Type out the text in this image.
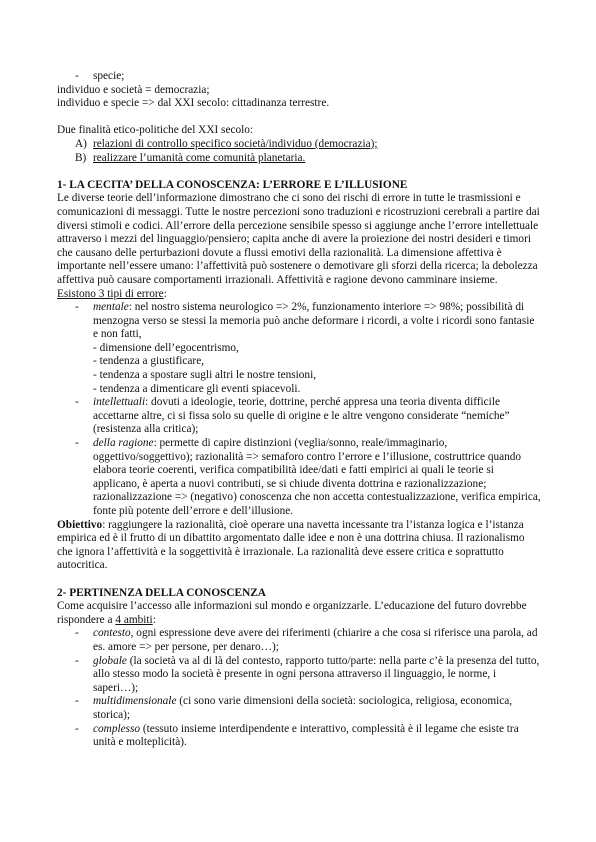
-	specie;

individuo e società = democrazia;

individuo e specie => dal XXI secolo: cittadinanza terrestre.

Due finalità etico-politiche del XXI secolo:

A) relazioni di controllo specifico società/individuo (democrazia);
B) realizzare l’umanità come comunità planetaria.

1- LA CECITA’ DELLA CONOSCENZA: L’ERRORE E L’ILLUSIONE

Le diverse teorie dell’informazione dimostrano che ci sono dei rischi di errore in tutte le trasmissioni e comunicazioni di messaggi. Tutte le nostre percezioni sono traduzioni e ricostruzioni cerebrali a partire dai diversi stimoli e codici. All’errore della percezione sensibile spesso si aggiunge anche l’errore intellettuale attraverso i mezzi del linguaggio/pensiero; capita anche di avere la proiezione dei nostri desideri e timori che causano delle perturbazioni dovute a flussi emotivi della razionalità. La dimensione affettiva è importante nell’essere umano: l’affettività può sostenere o demotivare gli sforzi della ricerca; la debolezza affettiva può causare comportamenti irrazionali. Affettività e ragione devono camminare insieme.

Esistono 3 tipi di errore:

-	mentale: nel nostro sistema neurologico => 2%, funzionamento interiore => 98%; possibilità di menzogna verso se stessi la memoria può anche deformare i ricordi, a volte i ricordi sono fantasie e non fatti,
- dimensione dell’egocentrismo,
- tendenza a giustificare,
- tendenza a spostare sugli altri le nostre tensioni,
- tendenza a dimenticare gli eventi spiacevoli.
-	intellettuali: dovuti a ideologie, teorie, dottrine, perché appresa una teoria diventa difficile accettarne altre, ci si fissa solo su quelle di origine e le altre vengono considerate “nemiche” (resistenza alla critica);
-	della ragione: permette di capire distinzioni (veglia/sonno, reale/immaginario, oggettivo/soggettivo); razionalità => semaforo contro l’errore e l’illusione, costruttrice quando elabora teorie coerenti, verifica compatibilità idee/dati e fatti empirici ai quali le teorie si applicano, è aperta a nuovi contributi, se si chiude diventa dottrina e razionalizzazione; razionalizzazione => (negativo) conoscenza che non accetta contestualizzazione, verifica empirica, fonte più potente dell’errore e dell’illusione.

Obiettivo: raggiungere la razionalità, cioè operare una navetta incessante tra l’istanza logica e l’istanza empirica ed è il frutto di un dibattito argomentato dalle idee e non è una dottrina chiusa. Il razionalismo che ignora l’affettività e la soggettività è irrazionale. La razionalità deve essere critica e soprattutto autocritica.

2- PERTINENZA DELLA CONOSCENZA

Come acquisire l’accesso alle informazioni sul mondo e organizzarle. L’educazione del futuro dovrebbe rispondere a 4 ambiti:

-	contesto, ogni espressione deve avere dei riferimenti (chiarire a che cosa si riferisce una parola, ad es. amore => per persone, per denaro…);
-	globale (la società va al di là del contesto, rapporto tutto/parte: nella parte c’è la presenza del tutto, allo stesso modo la società è presente in ogni persona attraverso il linguaggio, le norme, i saperi…);
-	multidimensionale (ci sono varie dimensioni della società: sociologica, religiosa, economica, storica);
-	complesso (tessuto insieme interdipendente e interattivo, complessità è il legame che esiste tra unità e molteplicità).
